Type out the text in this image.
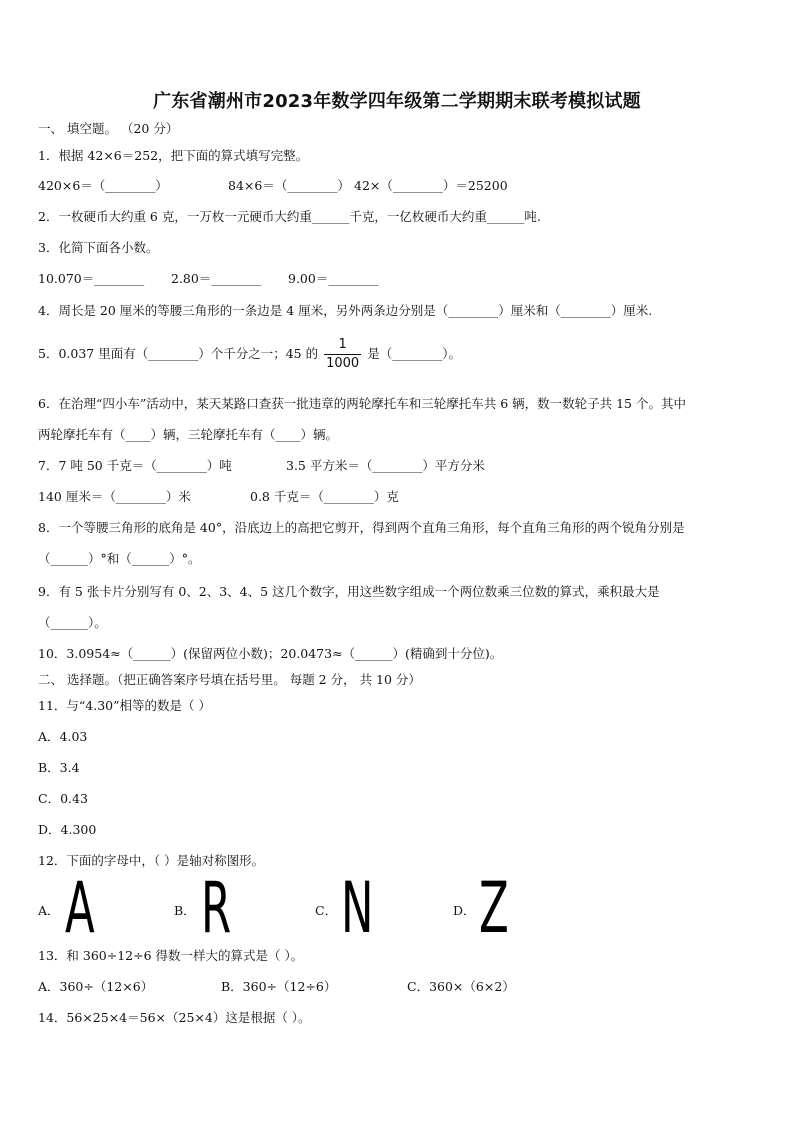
广东省潮州市2023年数学四年级第二学期期末联考模拟试题
一、 填空题。 （20 分）
1．根据 42×6＝252，把下面的算式填写完整。
420×6＝（________）	84×6＝（________） 42×（________）＝25200
2．一枚硬币大约重 6 克，一万枚一元硬币大约重______千克，一亿枚硬币大约重______吨.
3．化简下面各小数。
10.070＝________ 2.80＝________ 9.00＝________
4．周长是 20 厘米的等腰三角形的一条边是 4 厘米，另外两条边分别是（________）厘米和（________）厘米.
5．0.037 里面有（________）个千分之一；45 的 $\frac{1}{1000}$ 是（________）。
6．在治理“四小车”活动中，某天某路口查获一批违章的两轮摩托车和三轮摩托车共 6 辆，数一数轮子共 15 个。其中
两轮摩托车有（____）辆，三轮摩托车有（____）辆。
7．7 吨 50 千克＝（________）吨	3.5 平方米＝（________）平方分米
140 厘米＝（________）米	0.8 千克＝（________）克
8．一个等腰三角形的底角是 40°，沿底边上的高把它剪开，得到两个直角三角形，每个直角三角形的两个锐角分别是
（______）°和（______）°。
9．有 5 张卡片分别写有 0、2、3、4、5 这几个数字，用这些数字组成一个两位数乘三位数的算式，乘积最大是
（______）。
10．3.0954≈（______）(保留两位小数)；20.0473≈（______）(精确到十分位)。
二、 选择题。（把正确答案序号填在括号里。 每题 2 分， 共 10 分）
11．与“4.30”相等的数是（ ）
A．4.03
B．3.4
C．0.43
D．4.300
12．下面的字母中，（ ）是轴对称图形。
A． A	B． R	C． N	D． Z
13．和 360÷12÷6 得数一样大的算式是（ ）。
A．360÷（12×6）	B．360÷（12÷6）	C．360×（6×2）
14．56×25×4＝56×（25×4）这是根据（ ）。
